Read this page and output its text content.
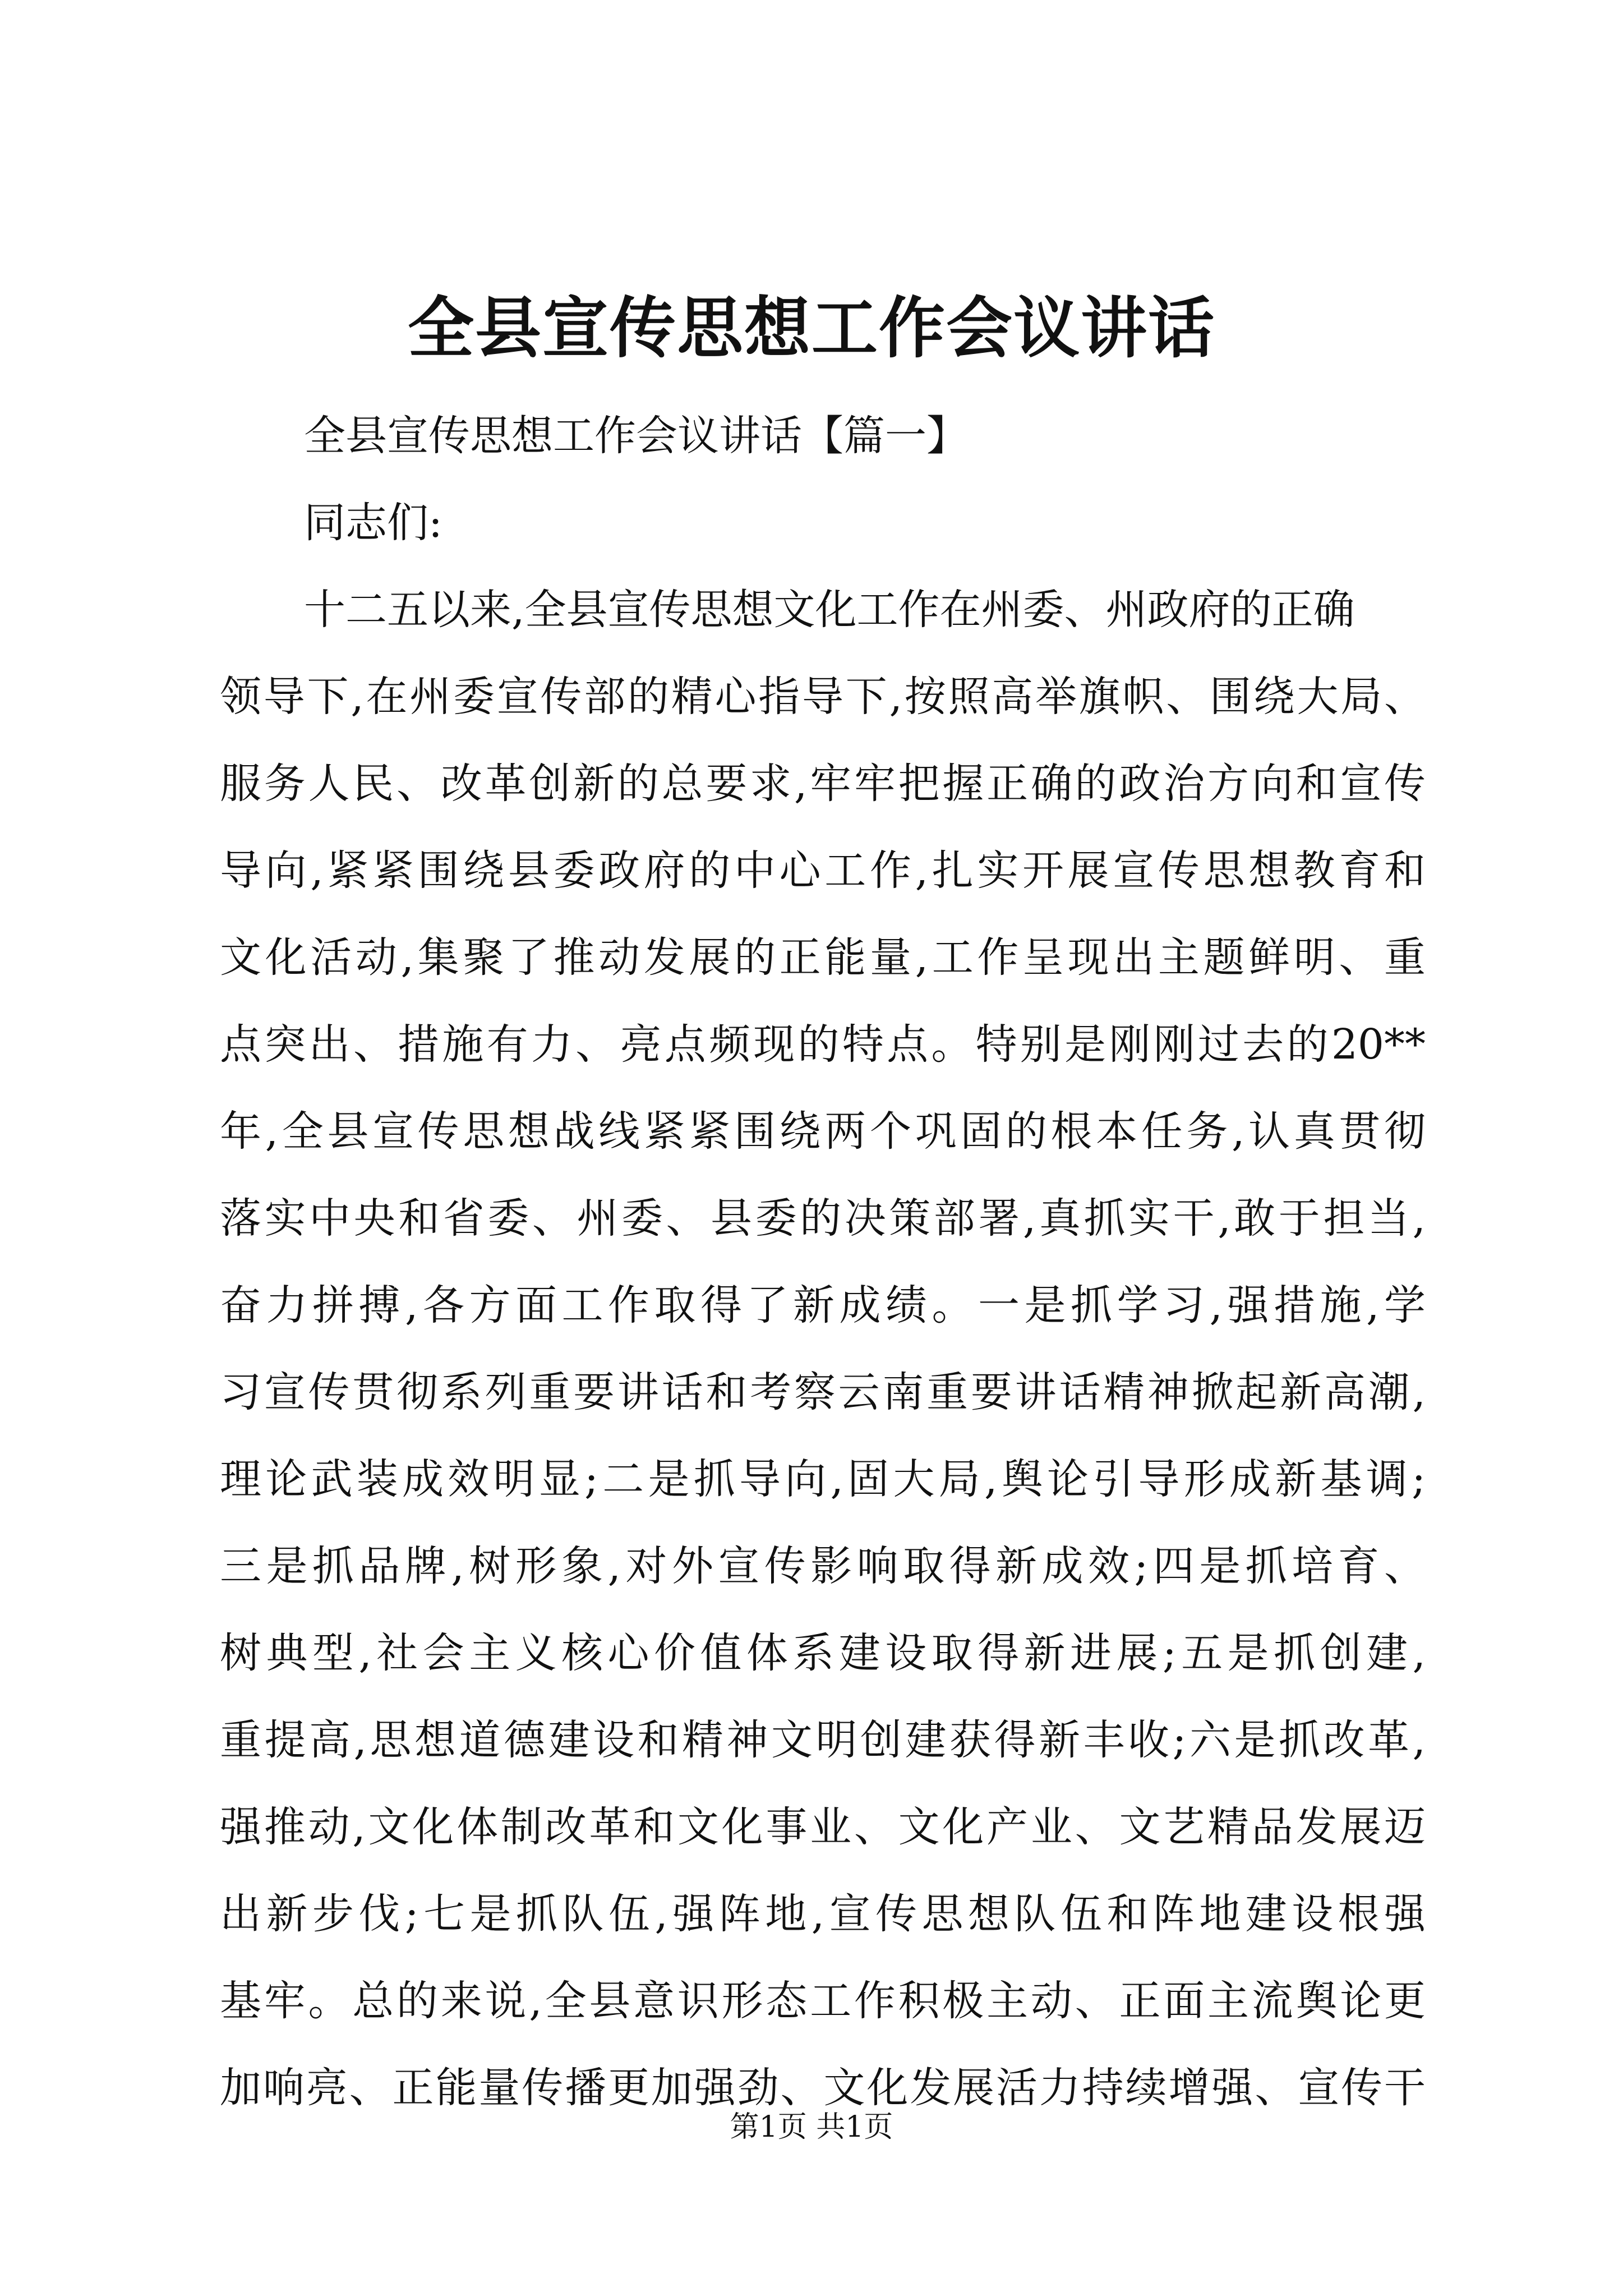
全县宣传思想工作会议讲话
全县宣传思想工作会议讲话【篇一】
同志们:
十二五以来,全县宣传思想文化工作在州委、州政府的正确
领导下,在州委宣传部的精心指导下,按照高举旗帜、围绕大局、
服务人民、改革创新的总要求,牢牢把握正确的政治方向和宣传
导向,紧紧围绕县委政府的中心工作,扎实开展宣传思想教育和
文化活动,集聚了推动发展的正能量,工作呈现出主题鲜明、重
点突出、措施有力、亮点频现的特点。特别是刚刚过去的20**
年,全县宣传思想战线紧紧围绕两个巩固的根本任务,认真贯彻
落实中央和省委、州委、县委的决策部署,真抓实干,敢于担当,
奋力拼搏,各方面工作取得了新成绩。一是抓学习,强措施,学
习宣传贯彻系列重要讲话和考察云南重要讲话精神掀起新高潮,
理论武装成效明显;二是抓导向,固大局,舆论引导形成新基调;
三是抓品牌,树形象,对外宣传影响取得新成效;四是抓培育、
树典型,社会主义核心价值体系建设取得新进展;五是抓创建,
重提高,思想道德建设和精神文明创建获得新丰收;六是抓改革,
强推动,文化体制改革和文化事业、文化产业、文艺精品发展迈
出新步伐;七是抓队伍,强阵地,宣传思想队伍和阵地建设根强
基牢。总的来说,全县意识形态工作积极主动、正面主流舆论更
加响亮、正能量传播更加强劲、文化发展活力持续增强、宣传干
第1页 共1页
